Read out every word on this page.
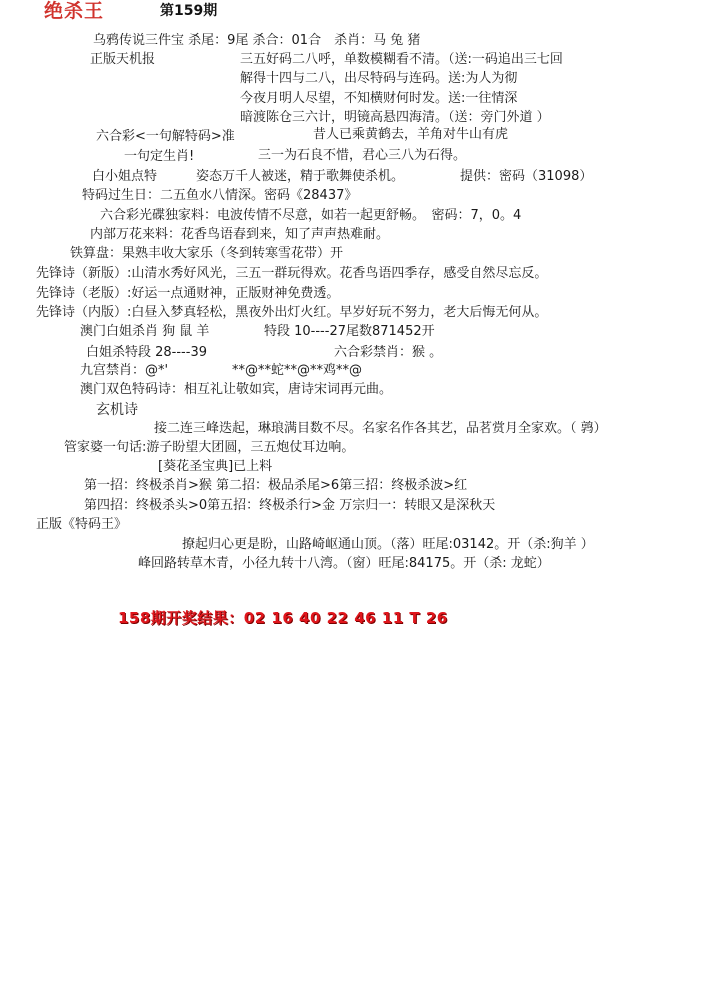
绝杀王	第159期
乌鸦传说三件宝 杀尾：9尾 杀合：01合　杀肖：马 兔 猪
正版天机报	三五好码二八呼，单数模糊看不清。（送:一码追出三七回
解得十四与二八，出尽特码与连码。送:为人为彻
今夜月明人尽望，不知横财何时发。送:一往情深
暗渡陈仓三六计，明镜高悬四海清。（送：旁门外道 ）
六合彩<一句解特码>准	昔人已乘黄鹤去，羊角对牛山有虎
一句定生肖!	三一为石良不惜，君心三八为石得。
白小姐点特	姿态万千人被迷，精于歌舞使杀机。	提供：密码（31098）
特码过生日：二五鱼水八情深。密码《28437》
六合彩光碟独家料：电波传情不尽意，如若一起更舒畅。　密码：7，0。4
内部万花来料：花香鸟语春到来，知了声声热难耐。
铁算盘：果熟丰收大家乐（冬到转寒雪花带）开
先锋诗（新版）:山清水秀好风光，三五一群玩得欢。花香鸟语四季存，感受自然尽忘反。
先锋诗（老版）:好运一点通财神，正版财神免费透。
先锋诗（内版）:白昼入梦真轻松，黑夜外出灯火红。早岁好玩不努力，老大后悔无何从。
澳门白姐杀肖 狗 鼠 羊	特段 10----27尾数871452开
白姐杀特段 28----39	六合彩禁肖：猴 。
九宫禁肖：@*'	**@**蛇**@**鸡**@
澳门双色特码诗：相互礼让敬如宾，唐诗宋词再元曲。
玄机诗
接二连三峰迭起，琳琅满目数不尽。名家名作各其艺，品茗赏月全家欢。（ 鹑）
管家婆一句话:游子盼望大团圆，三五炮仗耳边响。
[葵花圣宝典]已上料
第一招：终极杀肖>猴 第二招：极品杀尾>6第三招：终极杀波>红
第四招：终极杀头>0第五招：终极杀行>金 万宗归一：转眼又是深秋天
正版《特码王》
撩起归心更是盼，山路崎岖通山顶。（落）旺尾:03142。开（杀:狗羊 ）
峰回路转草木青，小径九转十八湾。（窗）旺尾:84175。开（杀: 龙蛇）
158期开奖结果：02 16 40 22 46 11 T 26
